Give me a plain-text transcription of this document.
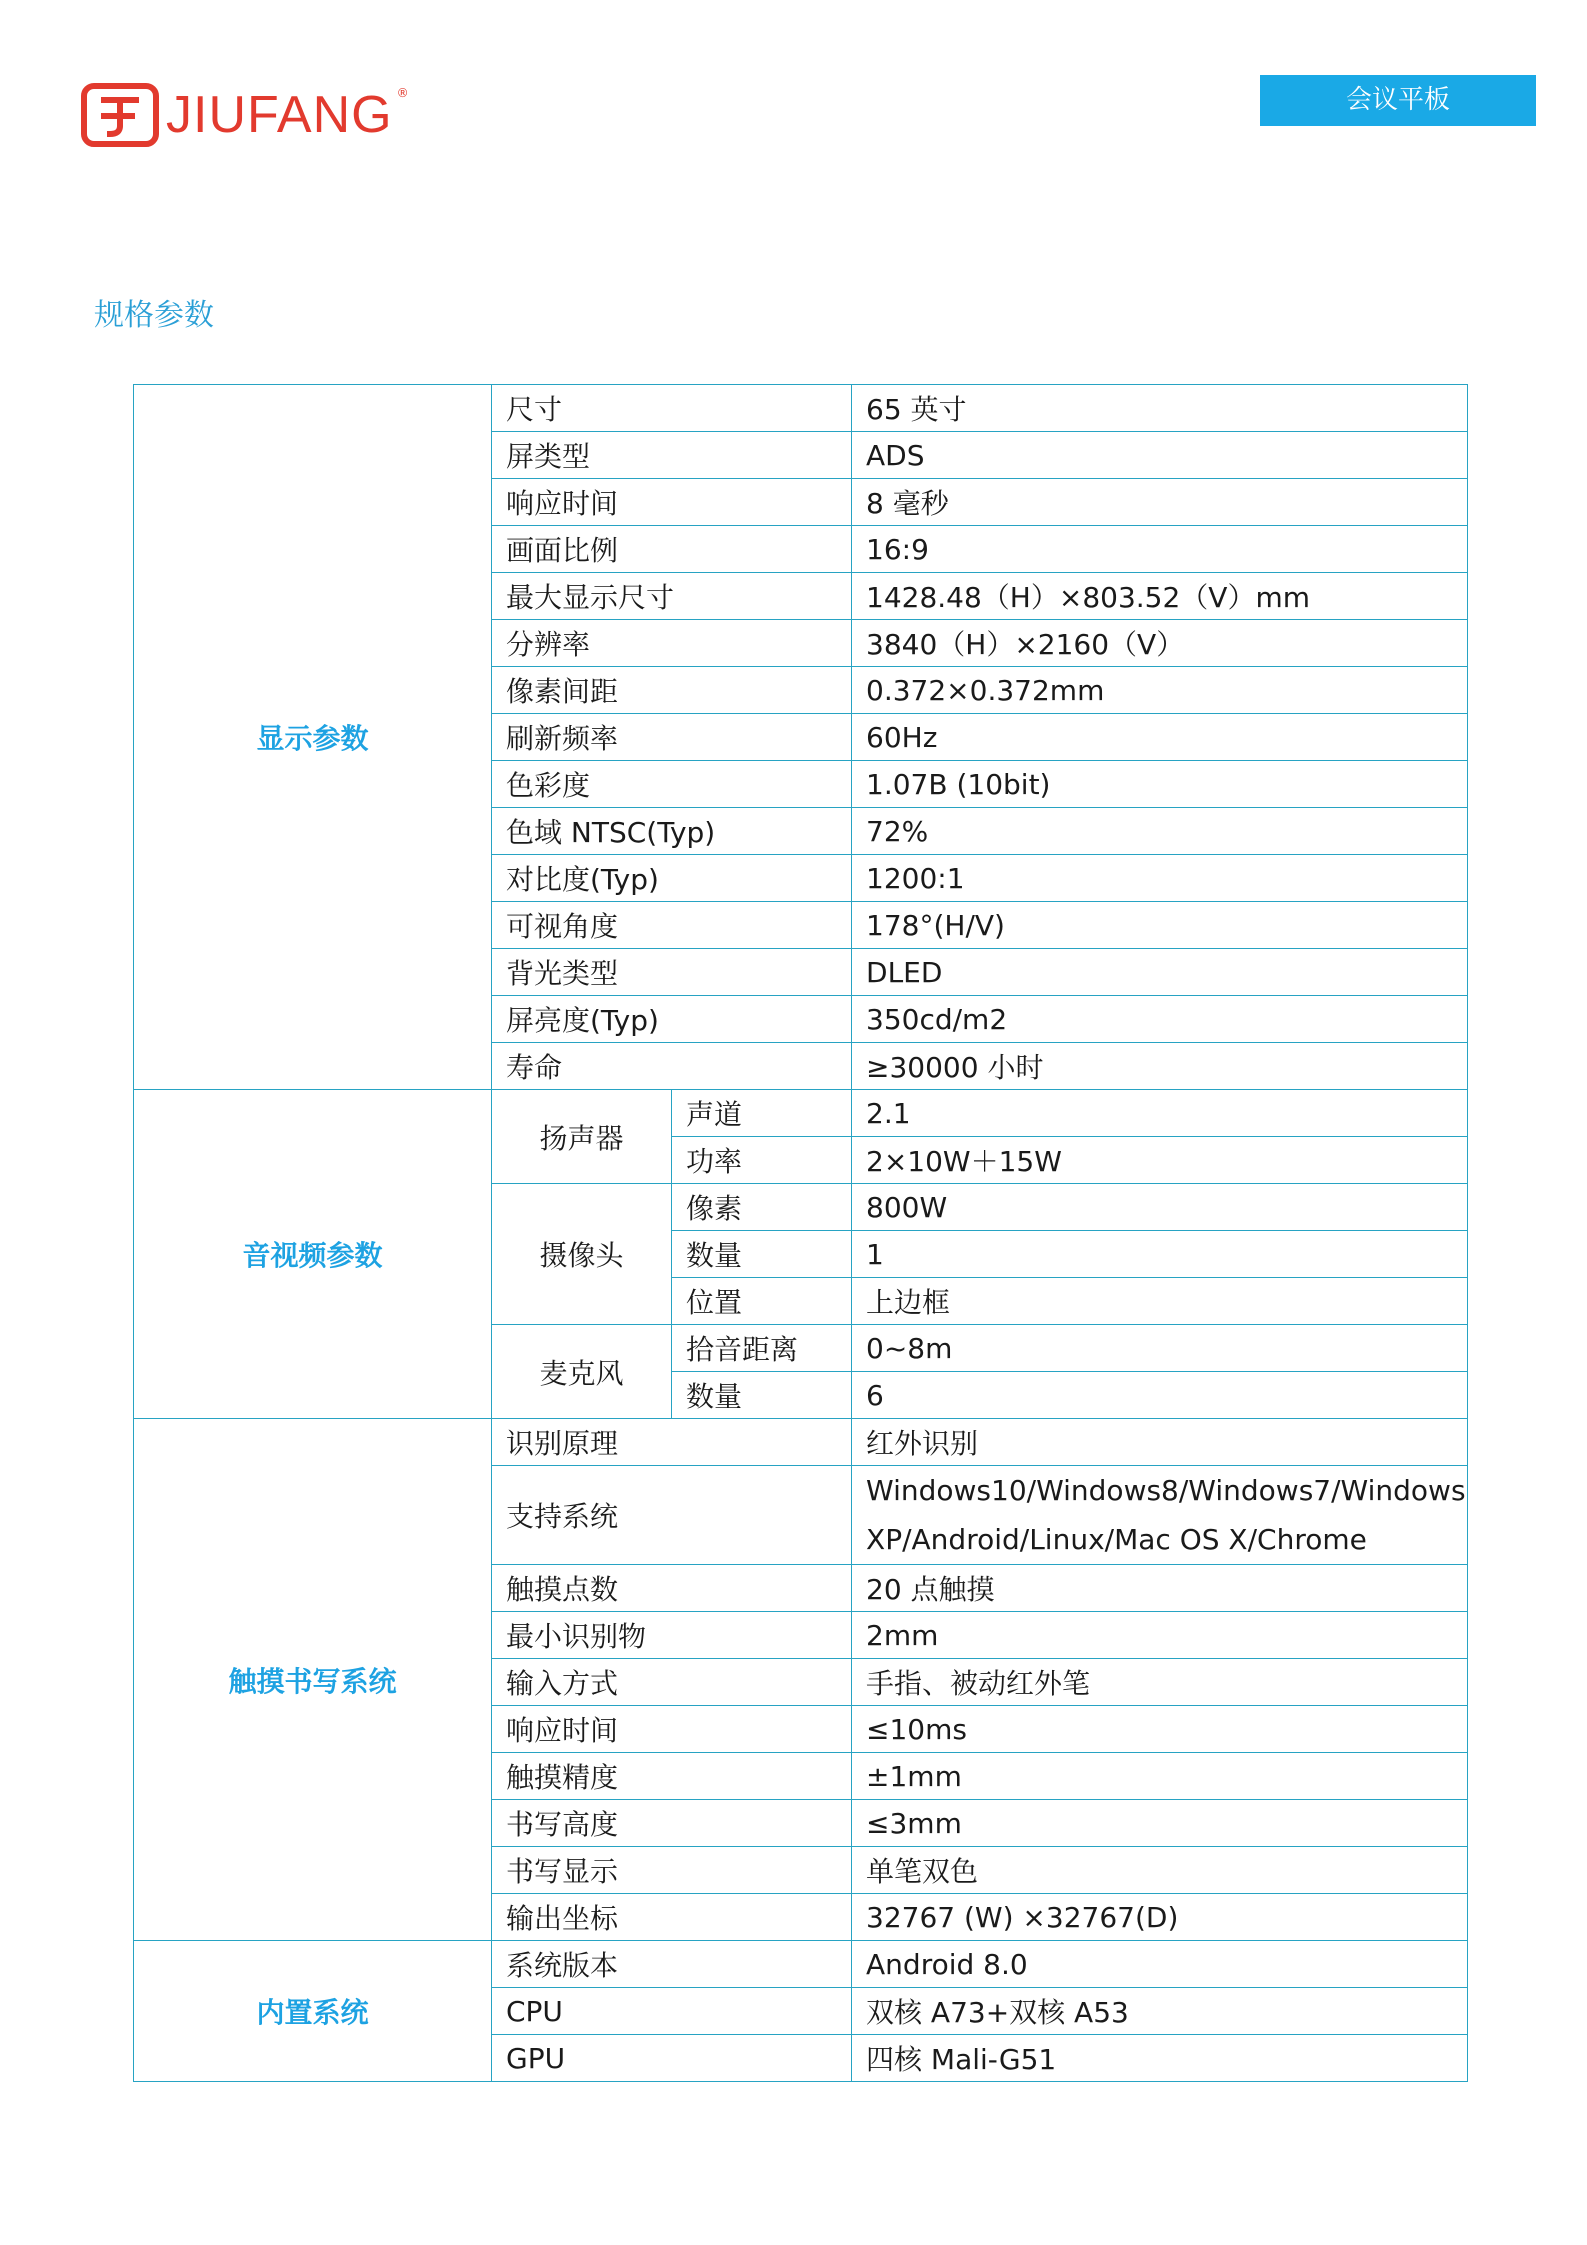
JIUFANG ®	会议平板
规格参数
显示参数	尺寸		65 英寸
	屏类型		ADS
	响应时间		8 毫秒
	画面比例		16:9
	最大显示尺寸		1428.48（H）×803.52（V）mm
	分辨率		3840（H）×2160（V）
	像素间距		0.372×0.372mm
	刷新频率		60Hz
	色彩度		1.07B (10bit)
	色域 NTSC(Typ)		72%
	对比度(Typ)		1200:1
	可视角度		178°(H/V)
	背光类型		DLED
	屏亮度(Typ)		350cd/m2
	寿命		≥30000 小时
音视频参数	扬声器	声道	2.1
		功率	2×10W＋15W
	摄像头	像素	800W
		数量	1
		位置	上边框
	麦克风	拾音距离	0~8m
		数量	6
触摸书写系统	识别原理		红外识别
	支持系统		Windows10/Windows8/Windows7/Windows XP/Android/Linux/Mac OS X/Chrome
	触摸点数		20 点触摸
	最小识别物		2mm
	输入方式		手指、被动红外笔
	响应时间		≤10ms
	触摸精度		±1mm
	书写高度		≤3mm
	书写显示		单笔双色
	输出坐标		32767 (W) ×32767(D)
内置系统	系统版本		Android 8.0
	CPU		双核 A73+双核 A53
	GPU		四核 Mali-G51
